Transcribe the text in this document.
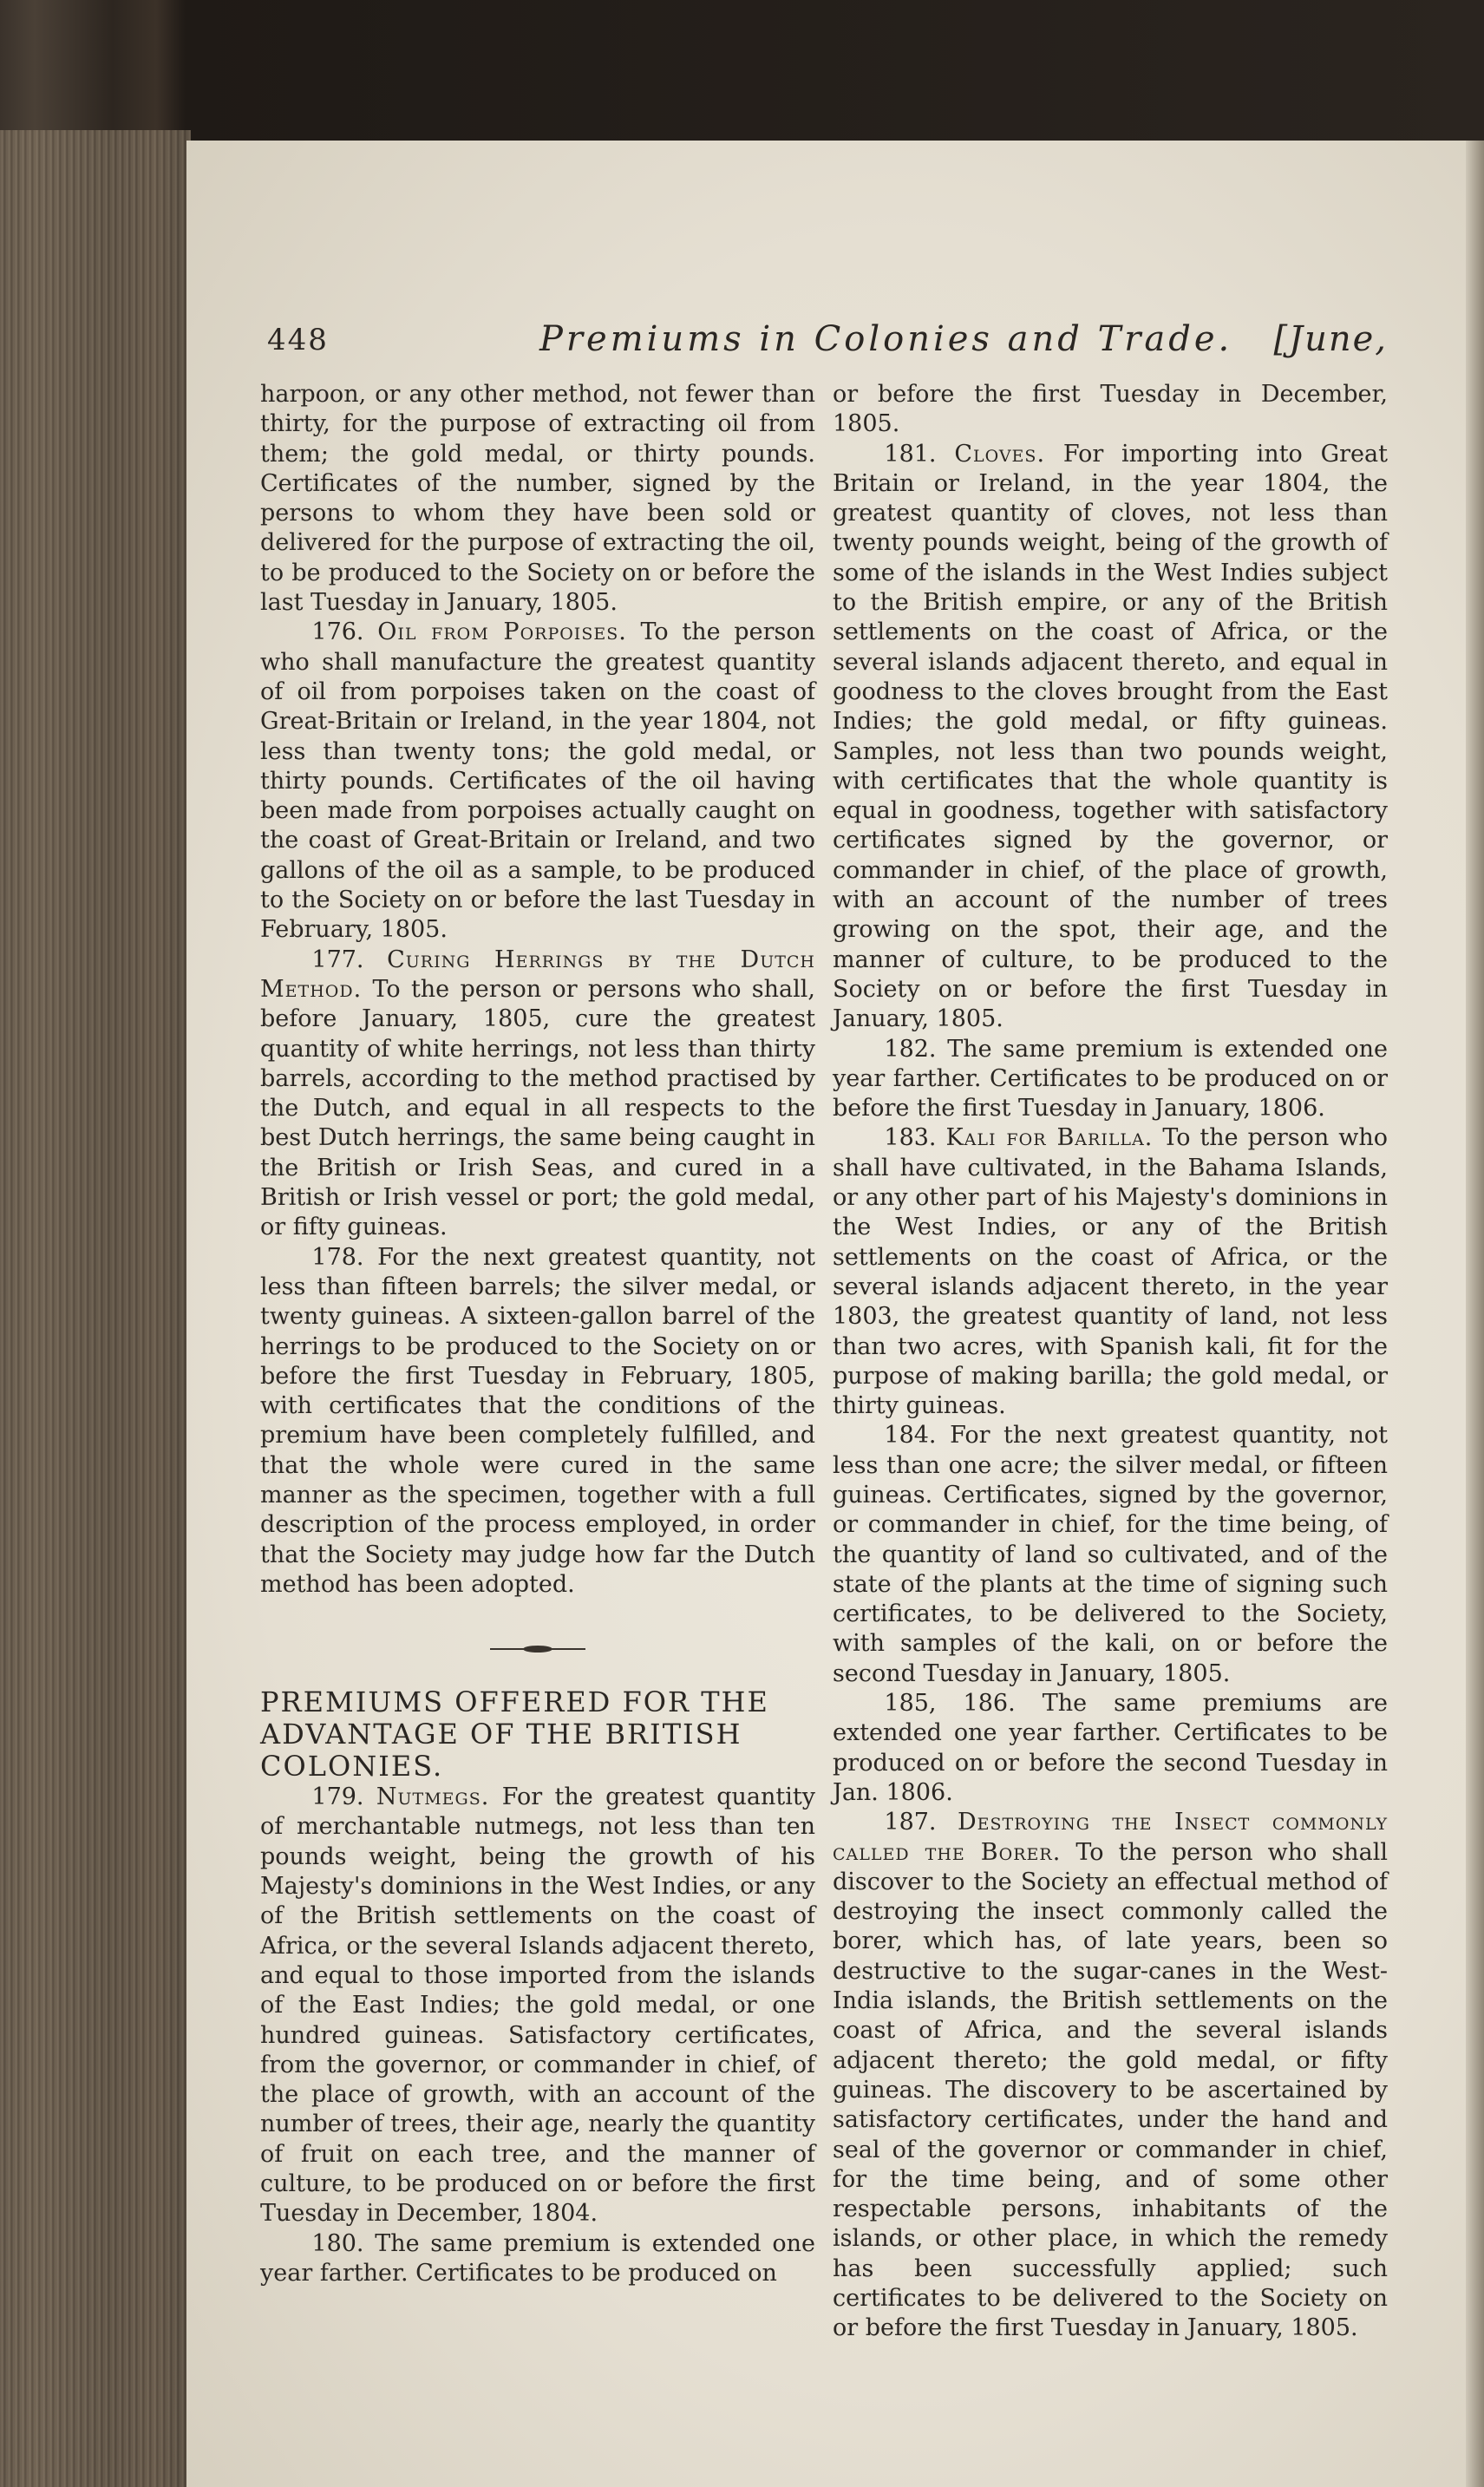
448	Premiums in Colonies and Trade. [June,

harpoon, or any other method, not fewer than thirty, for the purpose of extracting oil from them; the gold medal, or thirty pounds. Certificates of the number, signed by the persons to whom they have been sold or delivered for the purpose of extracting the oil, to be produced to the Society on or before the last Tuesday in January, 1805.

176. Oil from Porpoises. To the person who shall manufacture the greatest quantity of oil from porpoises taken on the coast of Great-Britain or Ireland, in the year 1804, not less than twenty tons; the gold medal, or thirty pounds. Certificates of the oil having been made from porpoises actually caught on the coast of Great-Britain or Ireland, and two gallons of the oil as a sample, to be produced to the Society on or before the last Tuesday in February, 1805.

177. Curing Herrings by the Dutch Method. To the person or persons who shall, before January, 1805, cure the greatest quantity of white herrings, not less than thirty barrels, according to the method practised by the Dutch, and equal in all respects to the best Dutch herrings, the same being caught in the British or Irish Seas, and cured in a British or Irish vessel or port; the gold medal, or fifty guineas.

178. For the next greatest quantity, not less than fifteen barrels; the silver medal, or twenty guineas. A sixteen-gallon barrel of the herrings to be produced to the Society on or before the first Tuesday in February, 1805, with certificates that the conditions of the premium have been completely fulfilled, and that the whole were cured in the same manner as the specimen, together with a full description of the process employed, in order that the Society may judge how far the Dutch method has been adopted.

PREMIUMS OFFERED FOR THE ADVANTAGE OF THE BRITISH COLONIES.

179. Nutmegs. For the greatest quantity of merchantable nutmegs, not less than ten pounds weight, being the growth of his Majesty's dominions in the West Indies, or any of the British settlements on the coast of Africa, or the several Islands adjacent thereto, and equal to those imported from the islands of the East Indies; the gold medal, or one hundred guineas. Satisfactory certificates, from the governor, or commander in chief, of the place of growth, with an account of the number of trees, their age, nearly the quantity of fruit on each tree, and the manner of culture, to be produced on or before the first Tuesday in December, 1804.

180. The same premium is extended one year farther. Certificates to be produced on

or before the first Tuesday in December, 1805.

181. Cloves. For importing into Great Britain or Ireland, in the year 1804, the greatest quantity of cloves, not less than twenty pounds weight, being of the growth of some of the islands in the West Indies subject to the British empire, or any of the British settlements on the coast of Africa, or the several islands adjacent thereto, and equal in goodness to the cloves brought from the East Indies; the gold medal, or fifty guineas. Samples, not less than two pounds weight, with certificates that the whole quantity is equal in goodness, together with satisfactory certificates signed by the governor, or commander in chief, of the place of growth, with an account of the number of trees growing on the spot, their age, and the manner of culture, to be produced to the Society on or before the first Tuesday in January, 1805.

182. The same premium is extended one year farther. Certificates to be produced on or before the first Tuesday in January, 1806.

183. Kali for Barilla. To the person who shall have cultivated, in the Bahama Islands, or any other part of his Majesty's dominions in the West Indies, or any of the British settlements on the coast of Africa, or the several islands adjacent thereto, in the year 1803, the greatest quantity of land, not less than two acres, with Spanish kali, fit for the purpose of making barilla; the gold medal, or thirty guineas.

184. For the next greatest quantity, not less than one acre; the silver medal, or fifteen guineas. Certificates, signed by the governor, or commander in chief, for the time being, of the quantity of land so cultivated, and of the state of the plants at the time of signing such certificates, to be delivered to the Society, with samples of the kali, on or before the second Tuesday in January, 1805.

185, 186. The same premiums are extended one year farther. Certificates to be produced on or before the second Tuesday in Jan. 1806.

187. Destroying the Insect commonly called the Borer. To the person who shall discover to the Society an effectual method of destroying the insect commonly called the borer, which has, of late years, been so destructive to the sugar-canes in the West-India islands, the British settlements on the coast of Africa, and the several islands adjacent thereto; the gold medal, or fifty guineas. The discovery to be ascertained by satisfactory certificates, under the hand and seal of the governor or commander in chief, for the time being, and of some other respectable persons, inhabitants of the islands, or other place, in which the remedy has been successfully applied; such certificates to be delivered to the Society on or before the first Tuesday in January, 1805.
